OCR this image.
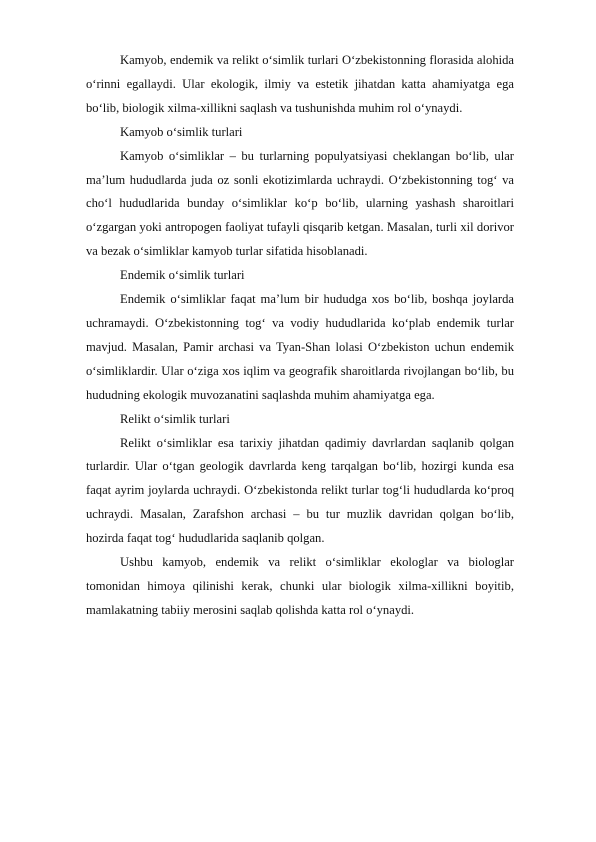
Kamyob, endemik va relikt oʻsimlik turlari Oʻzbekistonning florasida alohida oʻrinni egallaydi. Ular ekologik, ilmiy va estetik jihatdan katta ahamiyatga ega boʻlib, biologik xilma-xillikni saqlash va tushunishda muhim rol oʻynaydi.

Kamyob oʻsimlik turlari

Kamyob oʻsimliklar – bu turlarning populyatsiyasi cheklangan boʻlib, ular maʼlum hududlarda juda oz sonli ekotizimlarda uchraydi. Oʻzbekistonning togʻ va choʻl hududlarida bunday oʻsimliklar koʻp boʻlib, ularning yashash sharoitlari oʻzgargan yoki antropogen faoliyat tufayli qisqarib ketgan. Masalan, turli xil dorivor va bezak oʻsimliklar kamyob turlar sifatida hisoblanadi.

Endemik oʻsimlik turlari

Endemik oʻsimliklar faqat maʼlum bir hududga xos boʻlib, boshqa joylarda uchramaydi. Oʻzbekistonning togʻ va vodiy hududlarida koʻplab endemik turlar mavjud. Masalan, Pamir archasi va Tyan-Shan lolasi Oʻzbekiston uchun endemik oʻsimliklardir. Ular oʻziga xos iqlim va geografik sharoitlarda rivojlangan boʻlib, bu hududning ekologik muvozanatini saqlashda muhim ahamiyatga ega.

Relikt oʻsimlik turlari

Relikt oʻsimliklar esa tarixiy jihatdan qadimiy davrlardan saqlanib qolgan turlardir. Ular oʻtgan geologik davrlarda keng tarqalgan boʻlib, hozirgi kunda esa faqat ayrim joylarda uchraydi. Oʻzbekistonda relikt turlar togʻli hududlarda koʻproq uchraydi. Masalan, Zarafshon archasi – bu tur muzlik davridan qolgan boʻlib, hozirda faqat togʻ hududlarida saqlanib qolgan.

Ushbu kamyob, endemik va relikt oʻsimliklar ekologlar va biologlar tomonidan himoya qilinishi kerak, chunki ular biologik xilma-xillikni boyitib, mamlakatning tabiiy merosini saqlab qolishda katta rol oʻynaydi.
